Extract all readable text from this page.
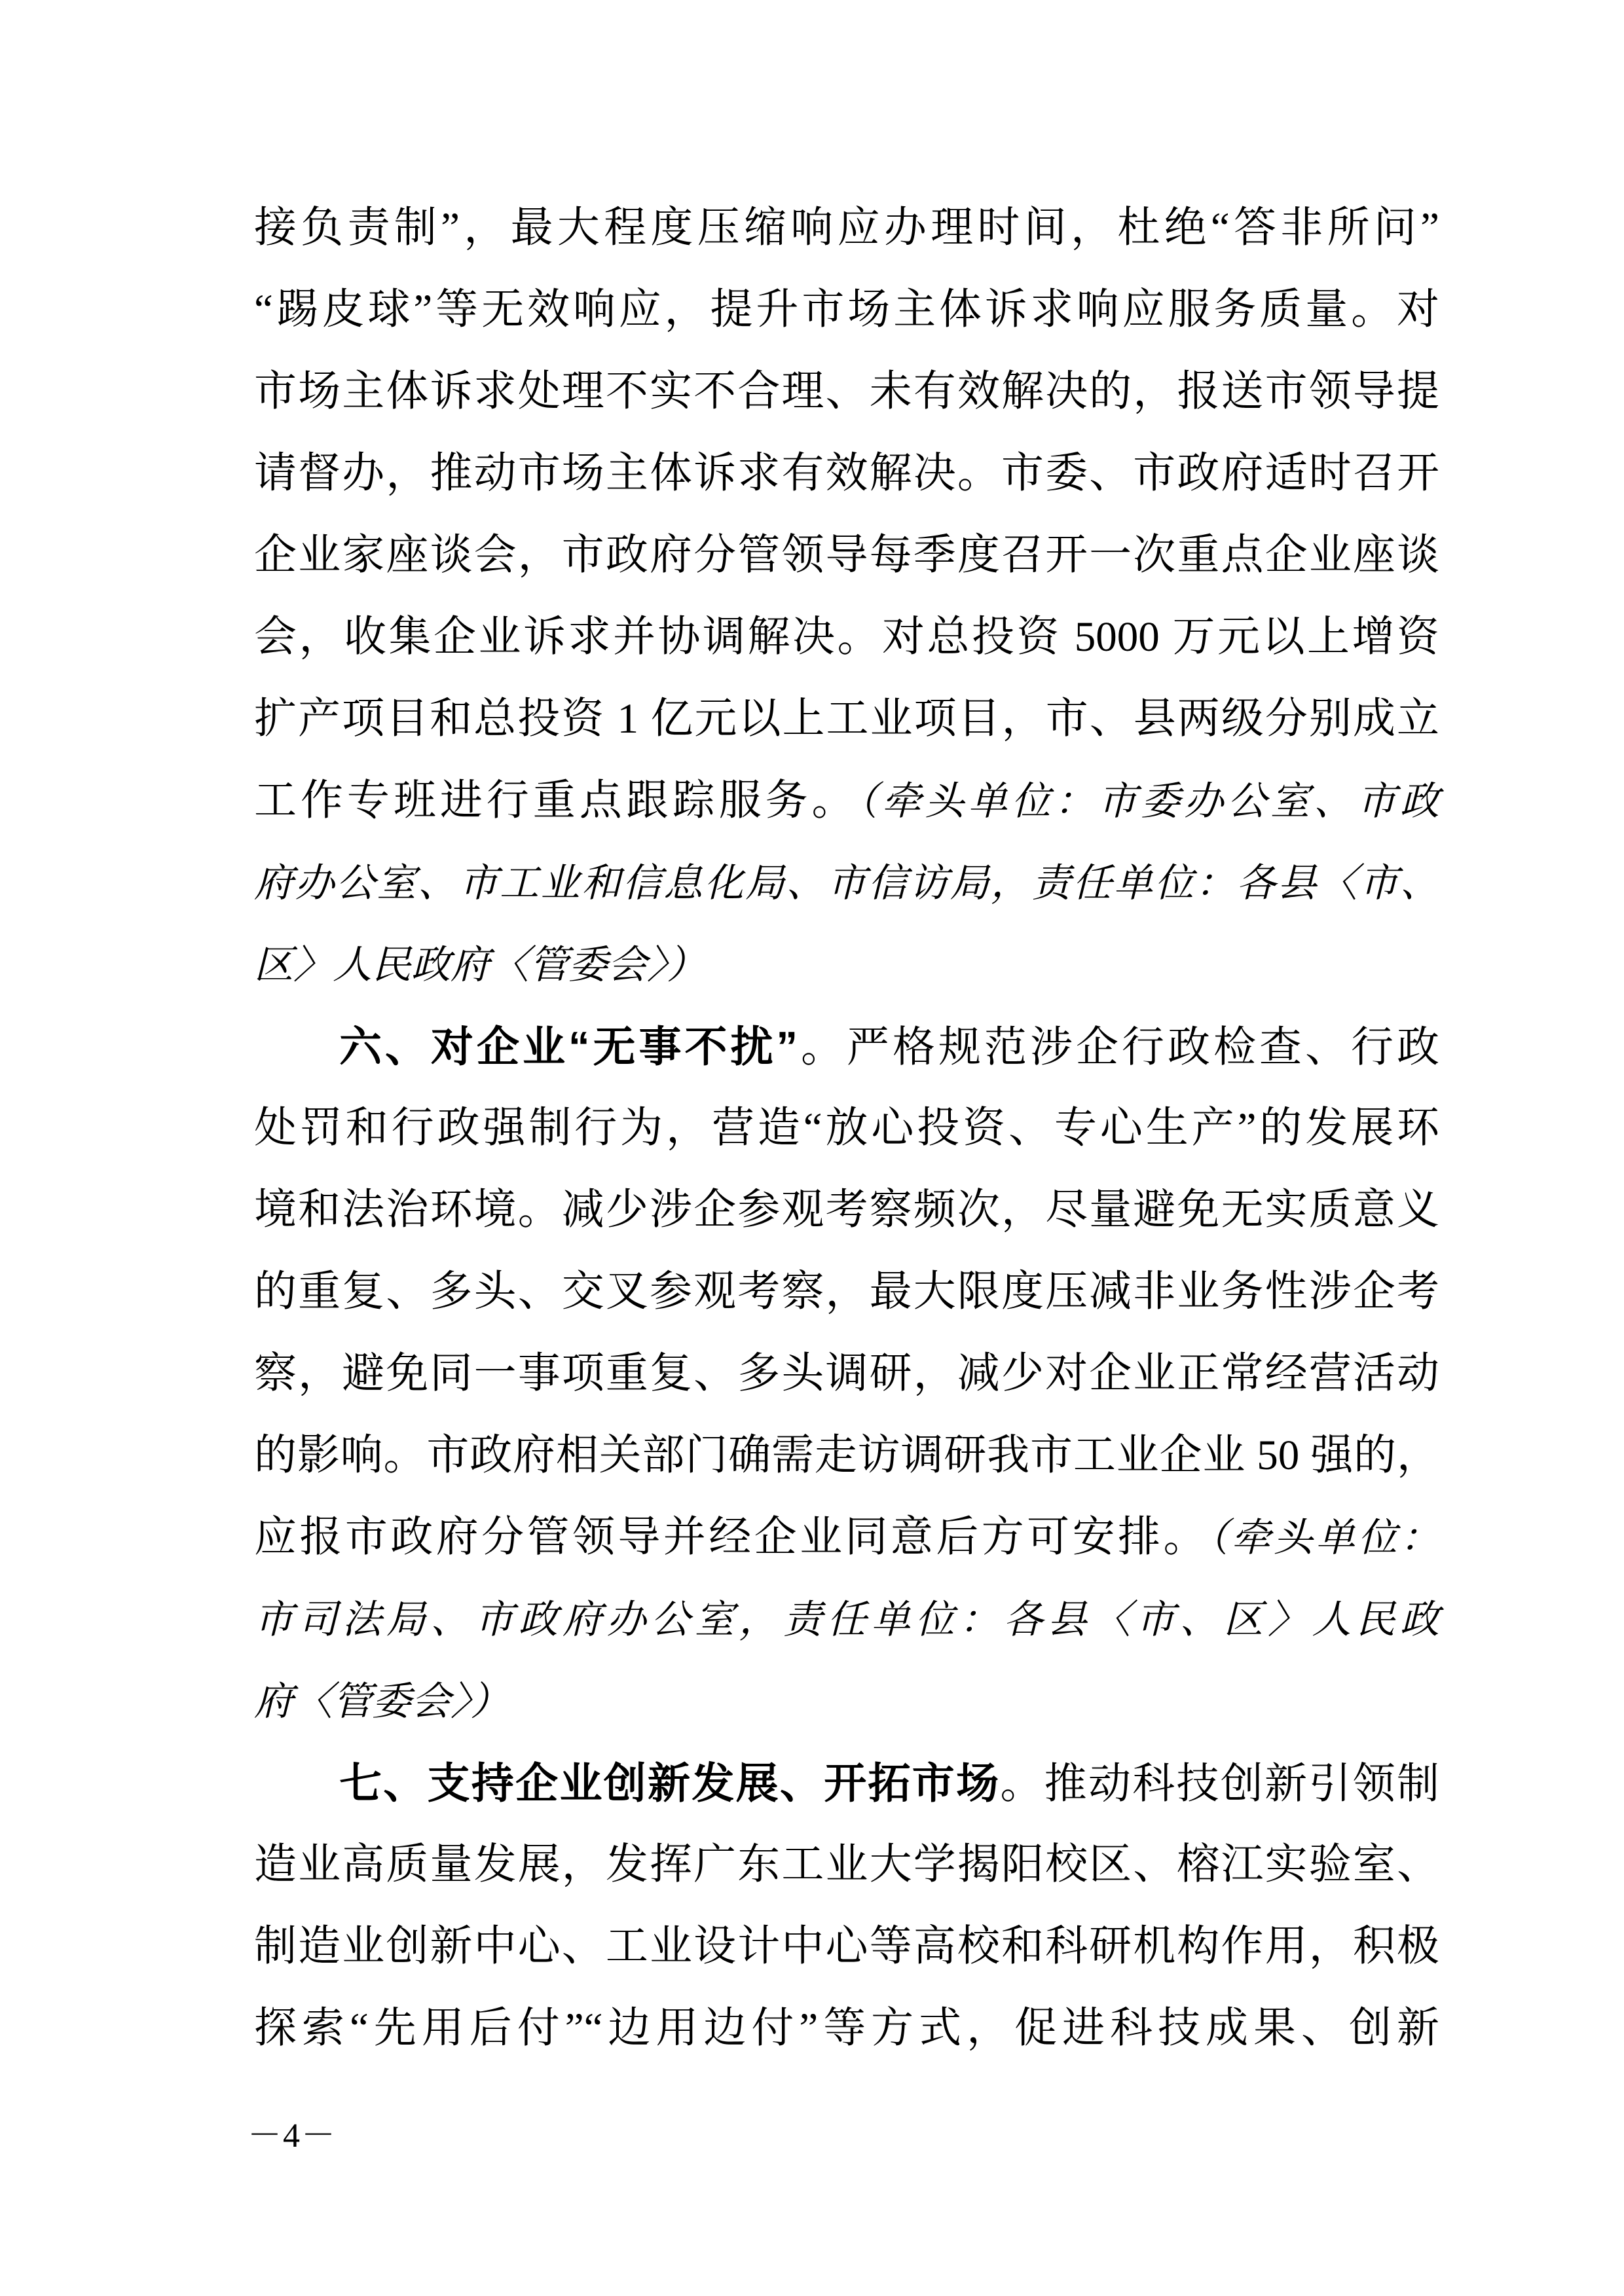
接负责制”，最大程度压缩响应办理时间，杜绝“答非所问”
“踢皮球”等无效响应，提升市场主体诉求响应服务质量。对
市场主体诉求处理不实不合理、未有效解决的，报送市领导提
请督办，推动市场主体诉求有效解决。市委、市政府适时召开
企业家座谈会，市政府分管领导每季度召开一次重点企业座谈
会，收集企业诉求并协调解决。对总投资 5000 万元以上增资
扩产项目和总投资 1 亿元以上工业项目，市、县两级分别成立
工作专班进行重点跟踪服务。（牵头单位：市委办公室、市政
府办公室、市工业和信息化局、市信访局，责任单位：各县〈市、
区〉人民政府〈管委会〉）
六、对企业“无事不扰”。严格规范涉企行政检查、行政
处罚和行政强制行为，营造“放心投资、专心生产”的发展环
境和法治环境。减少涉企参观考察频次，尽量避免无实质意义
的重复、多头、交叉参观考察，最大限度压减非业务性涉企考
察，避免同一事项重复、多头调研，减少对企业正常经营活动
的影响。市政府相关部门确需走访调研我市工业企业 50 强的，
应报市政府分管领导并经企业同意后方可安排。（牵头单位：
市司法局、市政府办公室，责任单位：各县〈市、区〉人民政
府〈管委会〉）
七、支持企业创新发展、开拓市场。推动科技创新引领制
造业高质量发展，发挥广东工业大学揭阳校区、榕江实验室、
制造业创新中心、工业设计中心等高校和科研机构作用，积极
探索“先用后付”“边用边付”等方式，促进科技成果、创新
－4－
